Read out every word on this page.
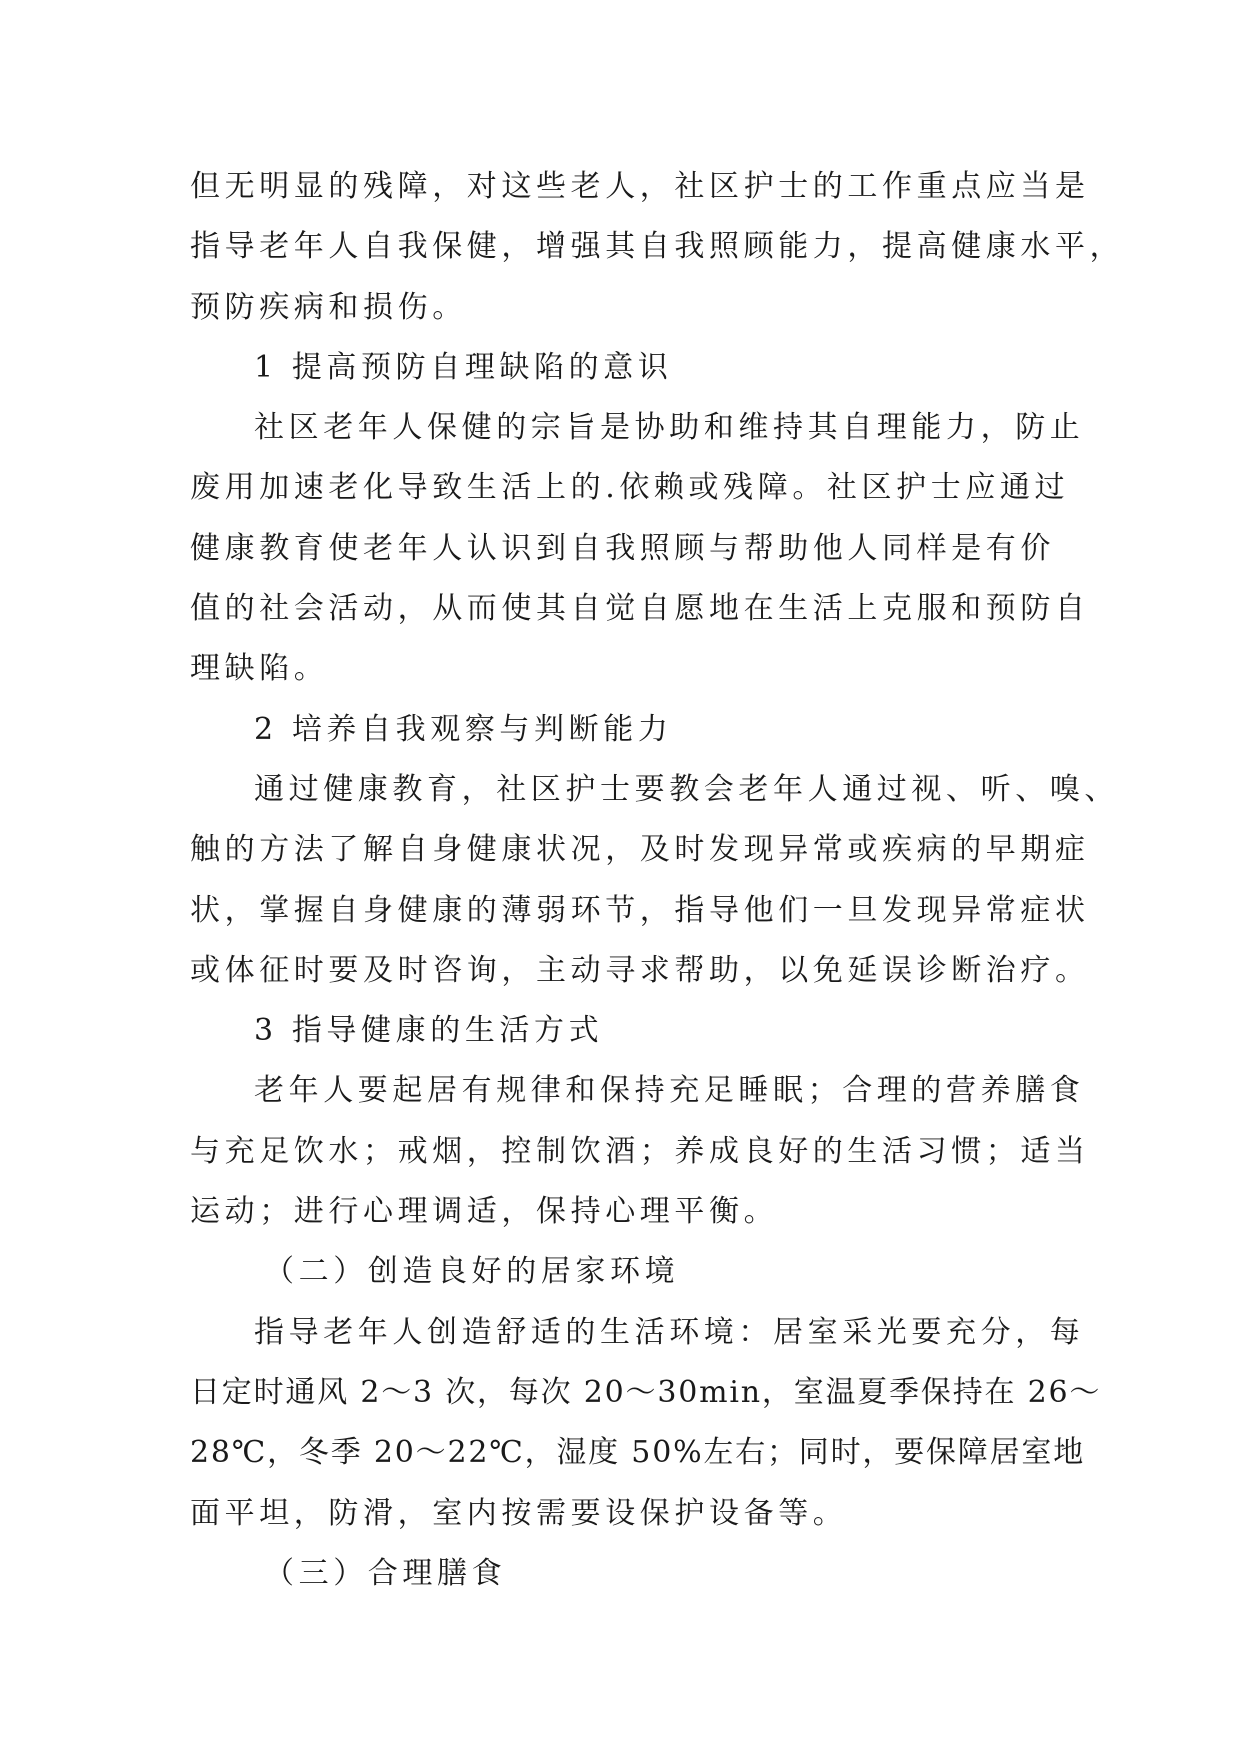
但无明显的残障，对这些老人，社区护士的工作重点应当是
指导老年人自我保健，增强其自我照顾能力，提高健康水平，
预防疾病和损伤。
1 提高预防自理缺陷的意识
社区老年人保健的宗旨是协助和维持其自理能力，防止
废用加速老化导致生活上的.依赖或残障。社区护士应通过
健康教育使老年人认识到自我照顾与帮助他人同样是有价
值的社会活动，从而使其自觉自愿地在生活上克服和预防自
理缺陷。
2 培养自我观察与判断能力
通过健康教育，社区护士要教会老年人通过视、听、嗅、
触的方法了解自身健康状况，及时发现异常或疾病的早期症
状，掌握自身健康的薄弱环节，指导他们一旦发现异常症状
或体征时要及时咨询，主动寻求帮助，以免延误诊断治疗。
3 指导健康的生活方式
老年人要起居有规律和保持充足睡眠；合理的营养膳食
与充足饮水；戒烟，控制饮酒；养成良好的生活习惯；适当
运动；进行心理调适，保持心理平衡。
（二）创造良好的居家环境
指导老年人创造舒适的生活环境：居室采光要充分，每
日定时通风 2～3 次，每次 20～30min，室温夏季保持在 26～
28℃，冬季 20～22℃，湿度 50%左右；同时，要保障居室地
面平坦，防滑，室内按需要设保护设备等。
（三）合理膳食
